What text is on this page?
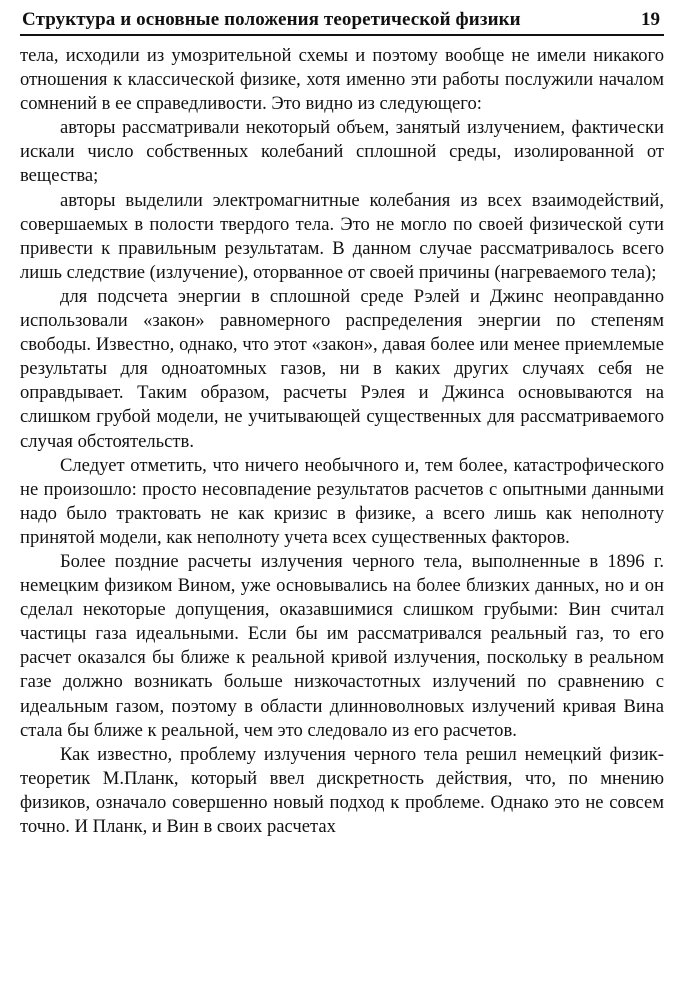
Структура и основные положения теоретической физики	19

тела, исходили из умозрительной схемы и поэтому вообще не имели никакого отношения к классической физике, хотя именно эти работы послужили началом сомнений в ее справедливости. Это видно из следующего:

авторы рассматривали некоторый объем, занятый излучением, фактически искали число собственных колебаний сплошной среды, изолированной от вещества;

авторы выделили электромагнитные колебания из всех взаимодействий, совершаемых в полости твердого тела. Это не могло по своей физической сути привести к правильным результатам. В данном случае рассматривалось всего лишь следствие (излучение), оторванное от своей причины (нагреваемого тела);

для подсчета энергии в сплошной среде Рэлей и Джинс неоправданно использовали «закон» равномерного распределения энергии по степеням свободы. Известно, однако, что этот «закон», давая более или менее приемлемые результаты для одноатомных газов, ни в каких других случаях себя не оправдывает. Таким образом, расчеты Рэлея и Джинса основываются на слишком грубой модели, не учитывающей существенных для рассматриваемого случая обстоятельств.

Следует отметить, что ничего необычного и, тем более, катастрофического не произошло: просто несовпадение результатов расчетов с опытными данными надо было трактовать не как кризис в физике, а всего лишь как неполноту принятой модели, как неполноту учета всех существенных факторов.

Более поздние расчеты излучения черного тела, выполненные в 1896 г. немецким физиком Вином, уже основывались на более близких данных, но и он сделал некоторые допущения, оказавшимися слишком грубыми: Вин считал частицы газа идеальными. Если бы им рассматривался реальный газ, то его расчет оказался бы ближе к реальной кривой излучения, поскольку в реальном газе должно возникать больше низкочастотных излучений по сравнению с идеальным газом, поэтому в области длинноволновых излучений кривая Вина стала бы ближе к реальной, чем это следовало из его расчетов.

Как известно, проблему излучения черного тела решил немецкий физик-теоретик М.Планк, который ввел дискретность действия, что, по мнению физиков, означало совершенно новый подход к проблеме. Однако это не совсем точно. И Планк, и Вин в своих расчетах
